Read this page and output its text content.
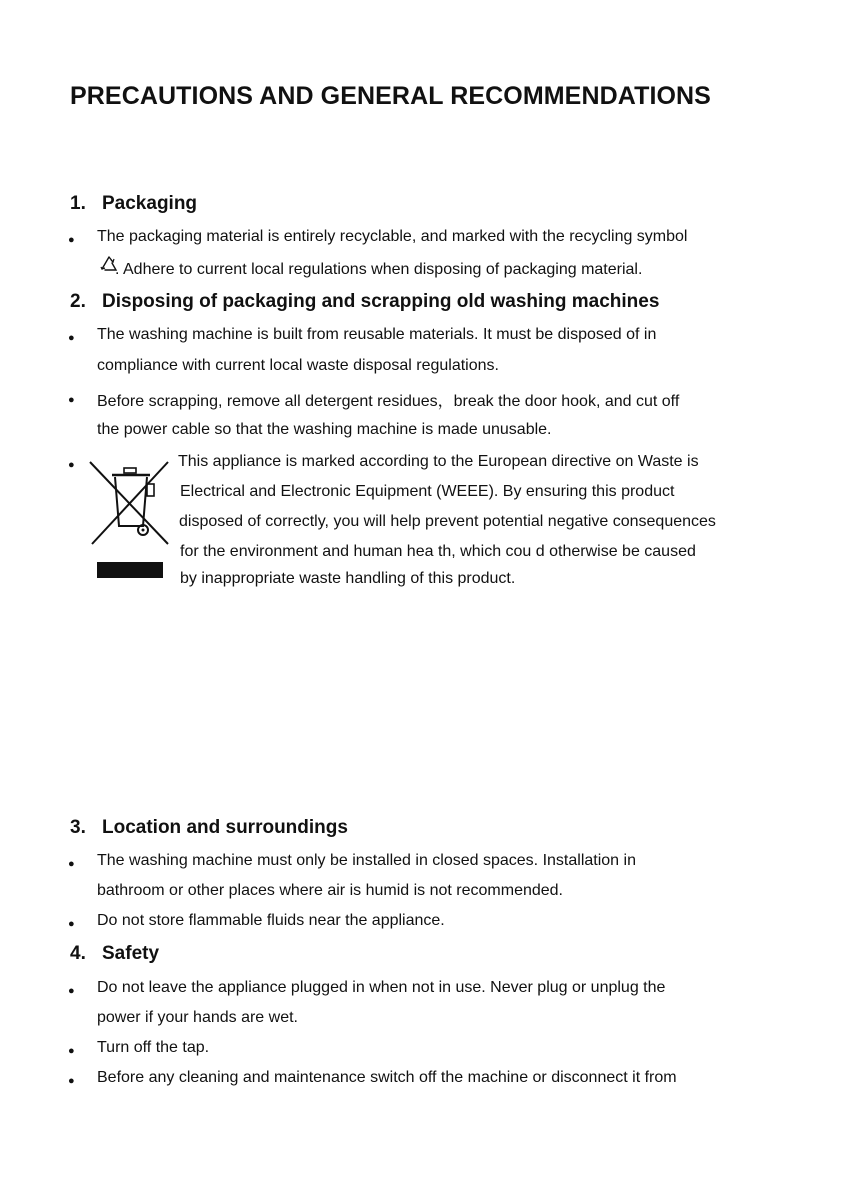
PRECAUTIONS AND GENERAL RECOMMENDATIONS
1. Packaging
● The packaging material is entirely recyclable, and marked with the recycling symbol
. Adhere to current local regulations when disposing of packaging material.
2. Disposing of packaging and scrapping old washing machines
● The washing machine is built from reusable materials. It must be disposed of in
compliance with current local waste disposal regulations.
● Before scrapping, remove all detergent residues，break the door hook, and cut off
the power cable so that the washing machine is made unusable.
●	This appliance is marked according to the European directive on Waste is
Electrical and Electronic Equipment (WEEE). By ensuring this product
disposed of correctly, you will help prevent potential negative consequences
for the environment and human hea th, which cou d otherwise be caused
by inappropriate waste handling of this product.
3. Location and surroundings
● The washing machine must only be installed in closed spaces. Installation in
bathroom or other places where air is humid is not recommended.
● Do not store flammable fluids near the appliance.
4. Safety
● Do not leave the appliance plugged in when not in use. Never plug or unplug the
power if your hands are wet.
● Turn off the tap.
● Before any cleaning and maintenance switch off the machine or disconnect it from
